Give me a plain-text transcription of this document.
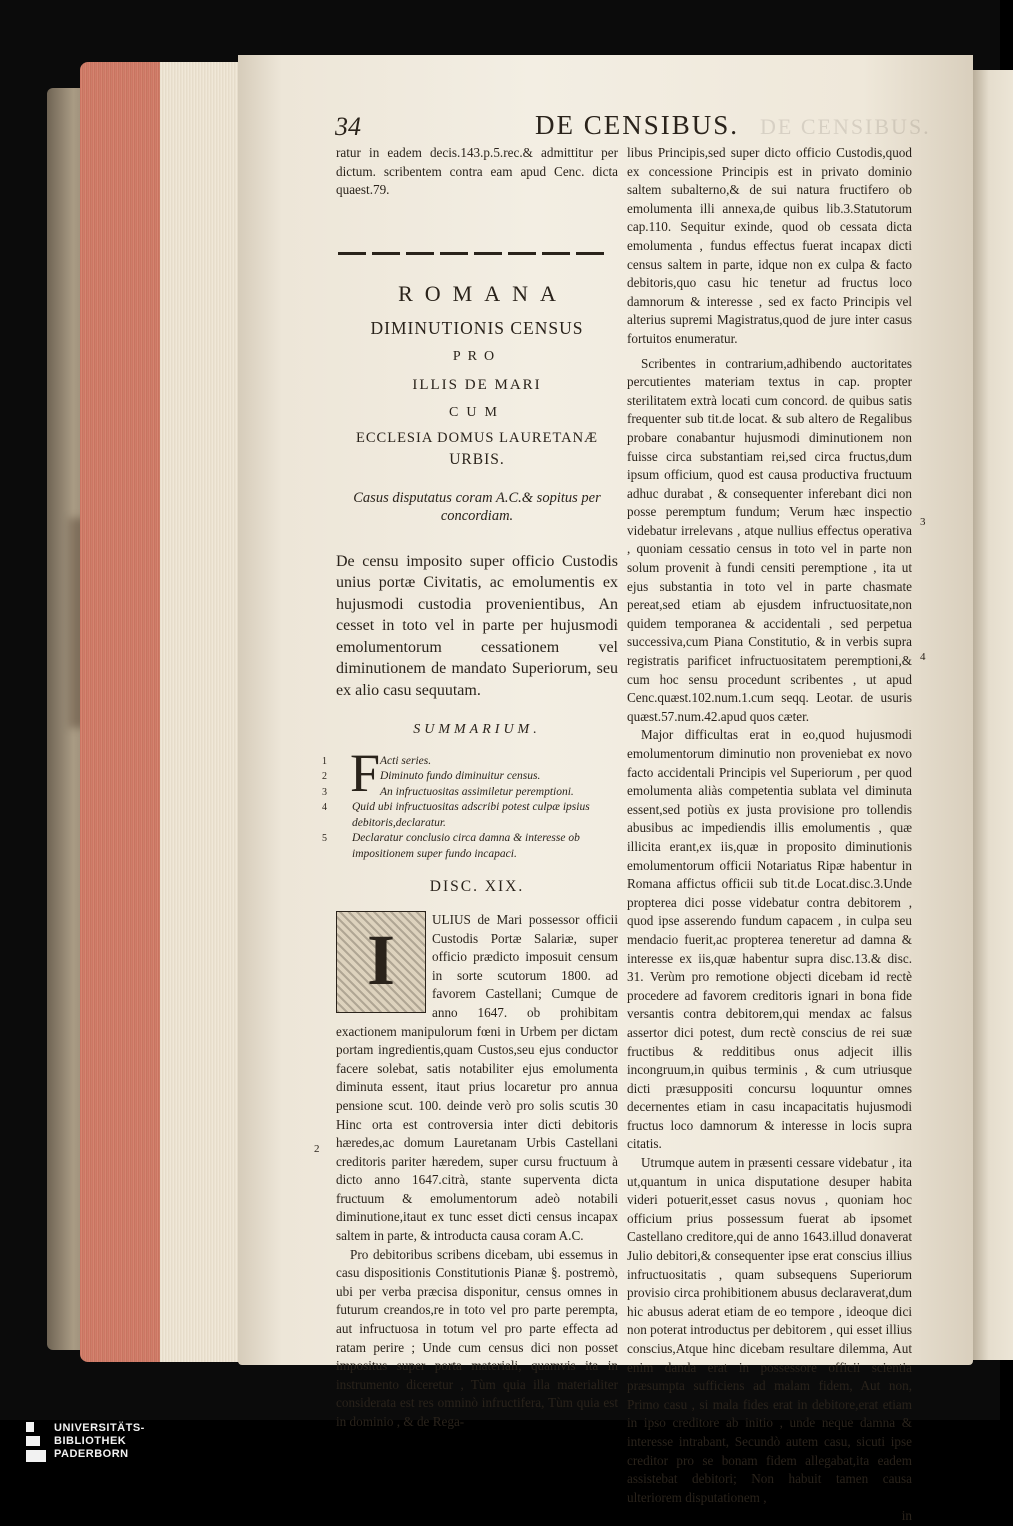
34	DE CENSIBUS. DE CENSIBUS.

ratur in eadem decis.143.p.5.rec.& admittitur per dictum. scribentem contra eam apud Cenc. dicta quaest.79.

ROMANA
DIMINUTIONIS CENSUS
PRO
ILLIS DE MARI
CUM
ECCLESIA DOMUS LAURETANÆ
URBIS.
Casus disputatus coram A.C.& sopitus per concordiam.

De censu imposito super officio Custodis unius portæ Civitatis, ac emolumentis ex hujusmodi custodia provenientibus, An cesset in toto vel in parte per hujusmodi emolumentorum cessationem vel diminutionem de mandato Superiorum, seu ex alio casu sequutam.

SUMMARIUM.
F
1	Acti series.
2	Diminuto fundo diminuitur census.
3	An infructuositas assimiletur peremptioni.
4 Quid ubi infructuositas adscribi potest culpæ ipsius debitoris,declaratur.
5 Declaratur conclusio circa damna & interesse ob impositionem super fundo incapaci.
DISC. XIX.
I

ULIUS de Mari possessor officii Custodis Portæ Salariæ, super officio prædicto imposuit censum in sorte scutorum 1800. ad favorem Castellani; Cumque de anno 1647. ob prohibitam exactionem manipulorum fœni in Urbem per dictam portam ingredientis,quam Custos,seu ejus conductor facere solebat, satis notabiliter ejus emolumenta diminuta essent, itaut prius locaretur pro annua pensione scut. 100. deinde verò pro solis scutis 30 Hinc orta est controversia inter dicti debitoris hæredes,ac domum Lauretanam Urbis Castellani creditoris pariter hæredem, super cursu fructuum à dicto anno 1647.citrà, stante superventa dicta fructuum & emolumentorum adeò notabili diminutione,itaut ex tunc esset dicti census incapax saltem in parte, & introducta causa coram A.C.

Pro debitoribus scribens dicebam, ubi essemus in casu dispositionis Constitutionis Pianæ §. postremò, ubi per verba præcisa disponitur, census omnes in futurum creandos,re in toto vel pro parte perempta, aut infructuosa in totum vel pro parte effecta ad ratam perire ; Unde cum census dici non posset impositus super porta materiali, quamvis ita in instrumento diceretur , Tùm quia illa materialiter considerata est res omninò infructifera, Tùm quia est in dominio , & de Rega-

2

libus Principis,sed super dicto officio Custodis,quod ex concessione Principis est in privato dominio saltem subalterno,& de sui natura fructifero ob emolumenta illi annexa,de quibus lib.3.Statutorum cap.110. Sequitur exinde, quod ob cessata dicta emolumenta , fundus effectus fuerat incapax dicti census saltem in parte, idque non ex culpa & facto debitoris,quo casu hic tenetur ad fructus loco damnorum & interesse , sed ex facto Principis vel alterius supremi Magistratus,quod de jure inter casus fortuitos enumeratur.

Scribentes in contrarium,adhibendo auctoritates percutientes materiam textus in cap. propter sterilitatem extrà locati cum concord. de quibus satis frequenter sub tit.de locat. & sub altero de Regalibus probare conabantur hujusmodi diminutionem non fuisse circa substantiam rei,sed circa fructus,dum ipsum officium, quod est causa productiva fructuum adhuc durabat , & consequenter inferebant dici non posse peremptum fundum; Verum hæc inspectio videbatur irrelevans , atque nullius effectus operativa , quoniam cessatio census in toto vel in parte non solum provenit à fundi censiti peremptione , ita ut ejus substantia in toto vel in parte chasmate pereat,sed etiam ab ejusdem infructuositate,non quidem temporanea & accidentali , sed perpetua successiva,cum Piana Constitutio, & in verbis supra registratis parificet infructuositatem peremptioni,& cum hoc sensu procedunt scribentes , ut apud Cenc.quæst.102.num.1.cum seqq. Leotar. de usuris quæst.57.num.42.apud quos cæter.

Major difficultas erat in eo,quod hujusmodi emolumentorum diminutio non proveniebat ex novo facto accidentali Principis vel Superiorum , per quod emolumenta aliàs competentia sublata vel diminuta essent,sed potiùs ex justa provisione pro tollendis abusibus ac impediendis illis emolumentis , quæ illicita erant,ex iis,quæ in proposito diminutionis emolumentorum officii Notariatus Ripæ habentur in Romana affictus officii sub tit.de Locat.disc.3.Unde propterea dici posse videbatur contra debitorem , quod ipse asserendo fundum capacem , in culpa seu mendacio fuerit,ac propterea teneretur ad damna & interesse ex iis,quæ habentur supra disc.13.& disc. 31. Verùm pro remotione objecti dicebam id rectè procedere ad favorem creditoris ignari in bona fide versantis contra debitorem,qui mendax ac falsus assertor dici potest, dum rectè conscius de rei suæ fructibus & redditibus onus adjecit illis incongruum,in quibus terminis , & cum utriusque dicti præsuppositi concursu loquuntur omnes decernentes etiam in casu incapacitatis hujusmodi fructus loco damnorum & interesse in locis supra citatis.

Utrumque autem in præsenti cessare videbatur , ita ut,quantum in unica disputatione desuper habita videri potuerit,esset casus novus , quoniam hoc officium prius possessum fuerat ab ipsomet Castellano creditore,qui de anno 1643.illud donaverat Julio debitori,& consequenter ipse erat conscius illius infructuositatis , quam subsequens Superiorum provisio circa prohibitionem abusus declaraverat,dum hic abusus aderat etiam de eo tempore , ideoque dici non poterat introductus per debitorem , qui esset illius conscius,Atque hinc dicebam resultare dilemma, Aut enim danda erat in possessore officii scientia præsumpta sufficiens ad malam fidem, Aut non, Primo casu , si mala fides erat in debitore,erat etiam in ipso creditore ab initio , unde neque damna & interesse intrabant, Secundò autem casu, sicuti ipse creditor pro se bonam fidem allegabat,ita eadem assistebat debitori; Non habuit tamen causa ulteriorem disputationem ,

in

3
4
UNIVERSITÄTS-
BIBLIOTHEK
PADERBORN
